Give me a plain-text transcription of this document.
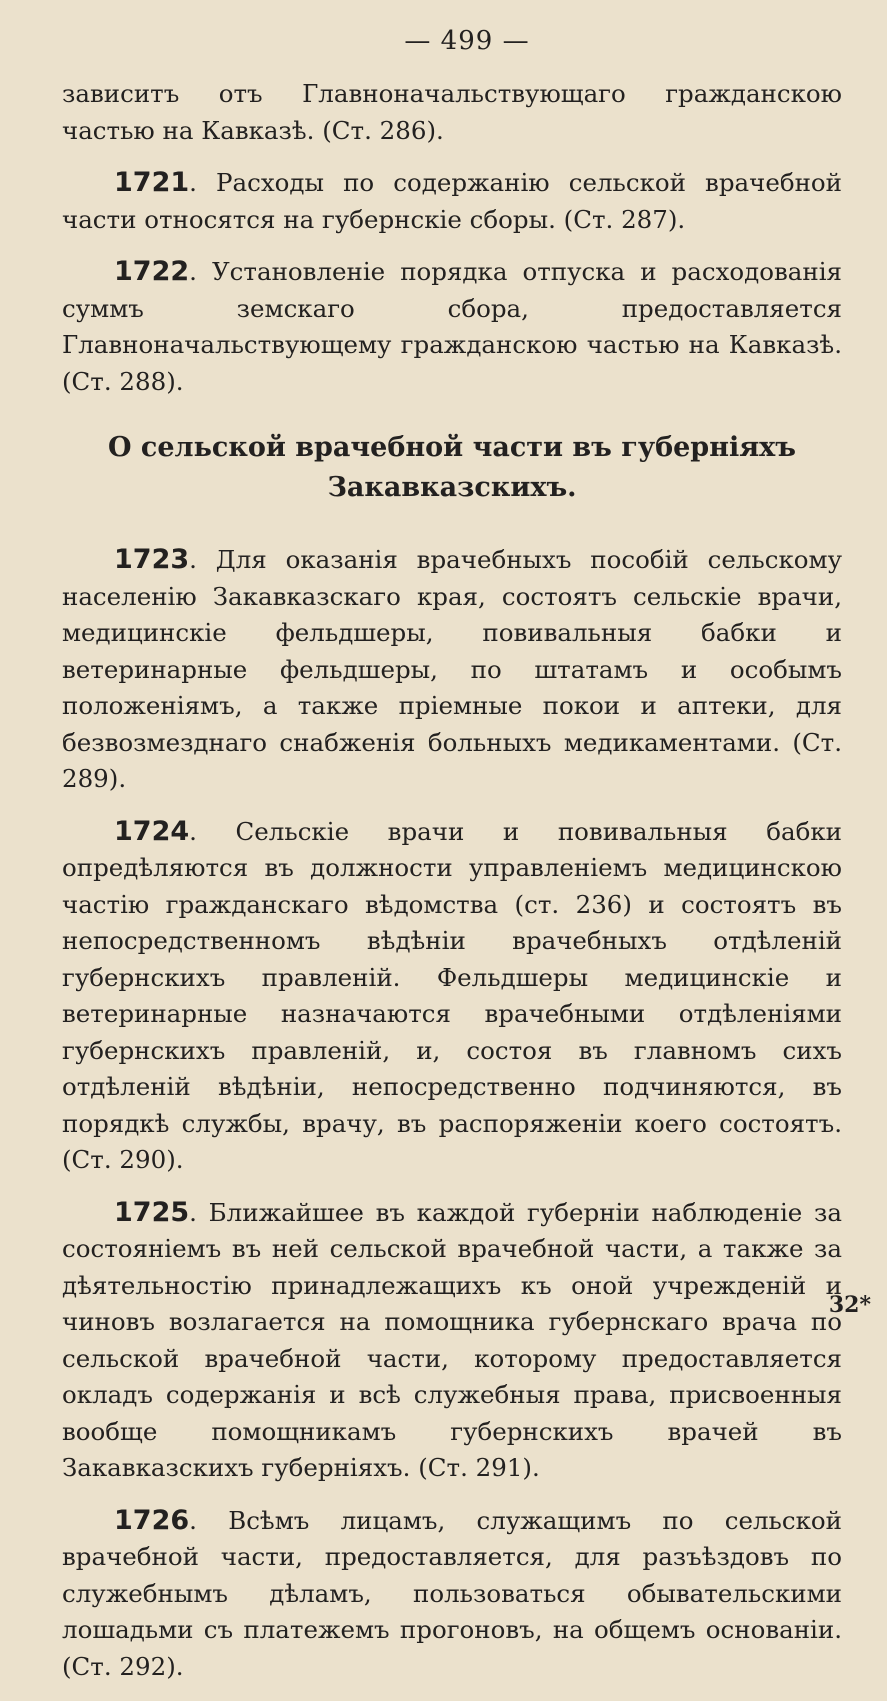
— 499 —

зависитъ отъ Главноначальствующаго гражданскою частью на Кавказѣ. (Ст. 286).

1721. Расходы по содержанію сельской врачебной части относятся на губернскіе сборы. (Ст. 287).

1722. Установленіе порядка отпуска и расходованія суммъ земскаго сбора, предоставляется Главноначальствующему гражданскою частью на Кавказѣ. (Ст. 288).

О сельской врачебной части въ губерніяхъ
Закавказскихъ.

1723. Для оказанія врачебныхъ пособій сельскому населенію Закавказскаго края, состоятъ сельскіе врачи, медицинскіе фельдшеры, повивальныя бабки и ветеринарные фельдшеры, по штатамъ и особымъ положеніямъ, а также пріемные покои и аптеки, для безвозмезднаго снабженія больныхъ медикаментами. (Ст. 289).

1724. Сельскіе врачи и повивальныя бабки опредѣляются въ должности управленіемъ медицинскою частію гражданскаго вѣдомства (ст. 236) и состоятъ въ непосредственномъ вѣдѣніи врачебныхъ отдѣленій губернскихъ правленій. Фельдшеры медицинскіе и ветеринарные назначаются врачебными отдѣленіями губернскихъ правленій, и, состоя въ главномъ сихъ отдѣленій вѣдѣніи, непосредственно подчиняются, въ порядкѣ службы, врачу, въ распоряженіи коего состоятъ. (Ст. 290).

1725. Ближайшее въ каждой губерніи наблюденіе за состояніемъ въ ней сельской врачебной части, а также за дѣятельностію принадлежащихъ къ оной учрежденій и чиновъ возлагается на помощника губернскаго врача по сельской врачебной части, которому предоставляется окладъ содержанія и всѣ служебныя права, присвоенныя вообще помощникамъ губернскихъ врачей въ Закавказскихъ губерніяхъ. (Ст. 291).

1726. Всѣмъ лицамъ, служащимъ по сельской врачебной части, предоставляется, для разъѣздовъ по служебнымъ дѣламъ, пользоваться обывательскими лошадьми съ платежемъ прогоновъ, на общемъ основаніи. (Ст. 292).

32*
